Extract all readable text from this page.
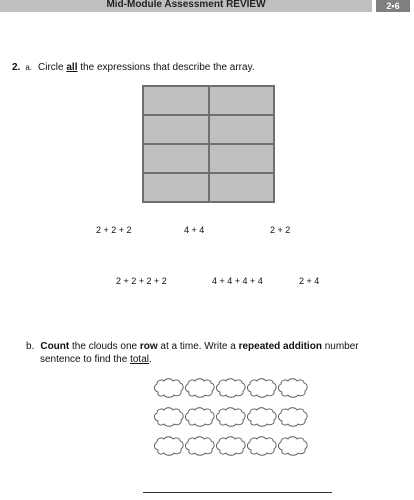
Mid-Module Assessment REVIEW	2•6
2. a. Circle all the expressions that describe the array.
2 + 2 + 2	4 + 4	2 + 2
2 + 2 + 2 + 2	4 + 4 + 4 + 4	2 + 4
b. Count the clouds one row at a time. Write a repeated addition number
sentence to find the total.
